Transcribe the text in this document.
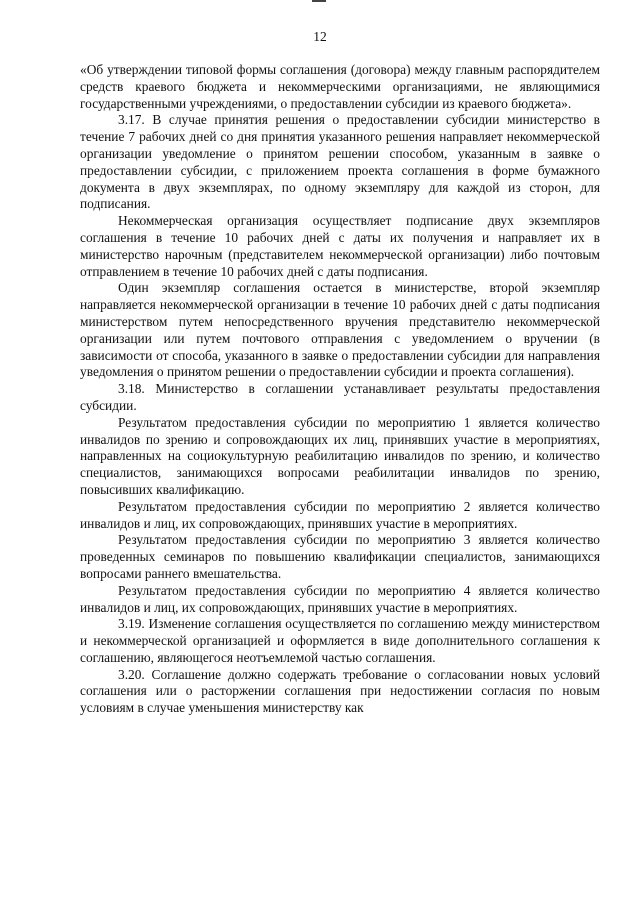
12

«Об утверждении типовой формы соглашения (договора) между главным распорядителем средств краевого бюджета и некоммерческими организациями, не являющимися государственными учреждениями, о предоставлении субсидии из краевого бюджета».

3.17. В случае принятия решения о предоставлении субсидии министерство в течение 7 рабочих дней со дня принятия указанного решения направляет некоммерческой организации уведомление о принятом решении способом, указанным в заявке о предоставлении субсидии, с приложением проекта соглашения в форме бумажного документа в двух экземплярах, по одному экземпляру для каждой из сторон, для подписания.

Некоммерческая организация осуществляет подписание двух экземпляров соглашения в течение 10 рабочих дней с даты их получения и направляет их в министерство нарочным (представителем некоммерческой организации) либо почтовым отправлением в течение 10 рабочих дней с даты подписания.

Один экземпляр соглашения остается в министерстве, второй экземпляр направляется некоммерческой организации в течение 10 рабочих дней с даты подписания министерством путем непосредственного вручения представителю некоммерческой организации или путем почтового отправления с уведомлением о вручении (в зависимости от способа, указанного в заявке о предоставлении субсидии для направления уведомления о принятом решении о предоставлении субсидии и проекта соглашения).

3.18. Министерство в соглашении устанавливает результаты предоставления субсидии.

Результатом предоставления субсидии по мероприятию 1 является количество инвалидов по зрению и сопровождающих их лиц, принявших участие в мероприятиях, направленных на социокультурную реабилитацию инвалидов по зрению, и количество специалистов, занимающихся вопросами реабилитации инвалидов по зрению, повысивших квалификацию.

Результатом предоставления субсидии по мероприятию 2 является количество инвалидов и лиц, их сопровождающих, принявших участие в мероприятиях.

Результатом предоставления субсидии по мероприятию 3 является количество проведенных семинаров по повышению квалификации специалистов, занимающихся вопросами раннего вмешательства.

Результатом предоставления субсидии по мероприятию 4 является количество инвалидов и лиц, их сопровождающих, принявших участие в мероприятиях.

3.19. Изменение соглашения осуществляется по соглашению между министерством и некоммерческой организацией и оформляется в виде дополнительного соглашения к соглашению, являющегося неотъемлемой частью соглашения.

3.20. Соглашение должно содержать требование о согласовании новых условий соглашения или о расторжении соглашения при недостижении согласия по новым условиям в случае уменьшения министерству как
